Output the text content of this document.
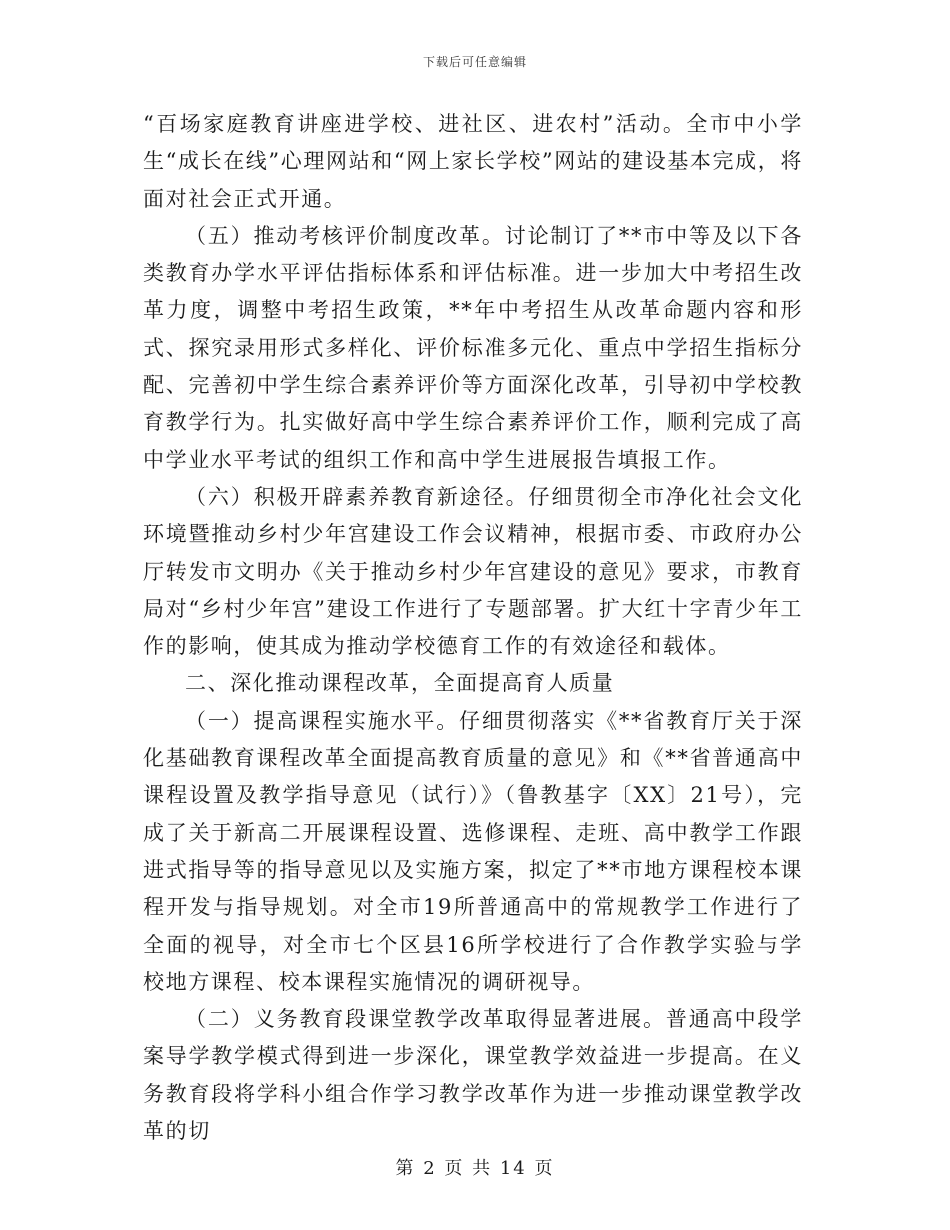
下载后可任意编辑

“百场家庭教育讲座进学校、进社区、进农村”活动。全市中小学生“成长在线”心理网站和“网上家长学校”网站的建设基本完成，将面对社会正式开通。

（五）推动考核评价制度改革。讨论制订了**市中等及以下各类教育办学水平评估指标体系和评估标准。进一步加大中考招生改革力度，调整中考招生政策，**年中考招生从改革命题内容和形式、探究录用形式多样化、评价标准多元化、重点中学招生指标分配、完善初中学生综合素养评价等方面深化改革，引导初中学校教育教学行为。扎实做好高中学生综合素养评价工作，顺利完成了高中学业水平考试的组织工作和高中学生进展报告填报工作。

（六）积极开辟素养教育新途径。仔细贯彻全市净化社会文化环境暨推动乡村少年宫建设工作会议精神，根据市委、市政府办公厅转发市文明办《关于推动乡村少年宫建设的意见》要求，市教育局对“乡村少年宫”建设工作进行了专题部署。扩大红十字青少年工作的影响，使其成为推动学校德育工作的有效途径和载体。

二、深化推动课程改革，全面提高育人质量

（一）提高课程实施水平。仔细贯彻落实《**省教育厅关于深化基础教育课程改革全面提高教育质量的意见》和《**省普通高中课程设置及教学指导意见（试行）》（鲁教基字〔XX〕21号），完成了关于新高二开展课程设置、选修课程、走班、高中教学工作跟进式指导等的指导意见以及实施方案，拟定了**市地方课程校本课程开发与指导规划。对全市19所普通高中的常规教学工作进行了全面的视导，对全市七个区县16所学校进行了合作教学实验与学校地方课程、校本课程实施情况的调研视导。

（二）义务教育段课堂教学改革取得显著进展。普通高中段学案导学教学模式得到进一步深化，课堂教学效益进一步提高。在义务教育段将学科小组合作学习教学改革作为进一步推动课堂教学改革的切

第 2 页 共 14 页
